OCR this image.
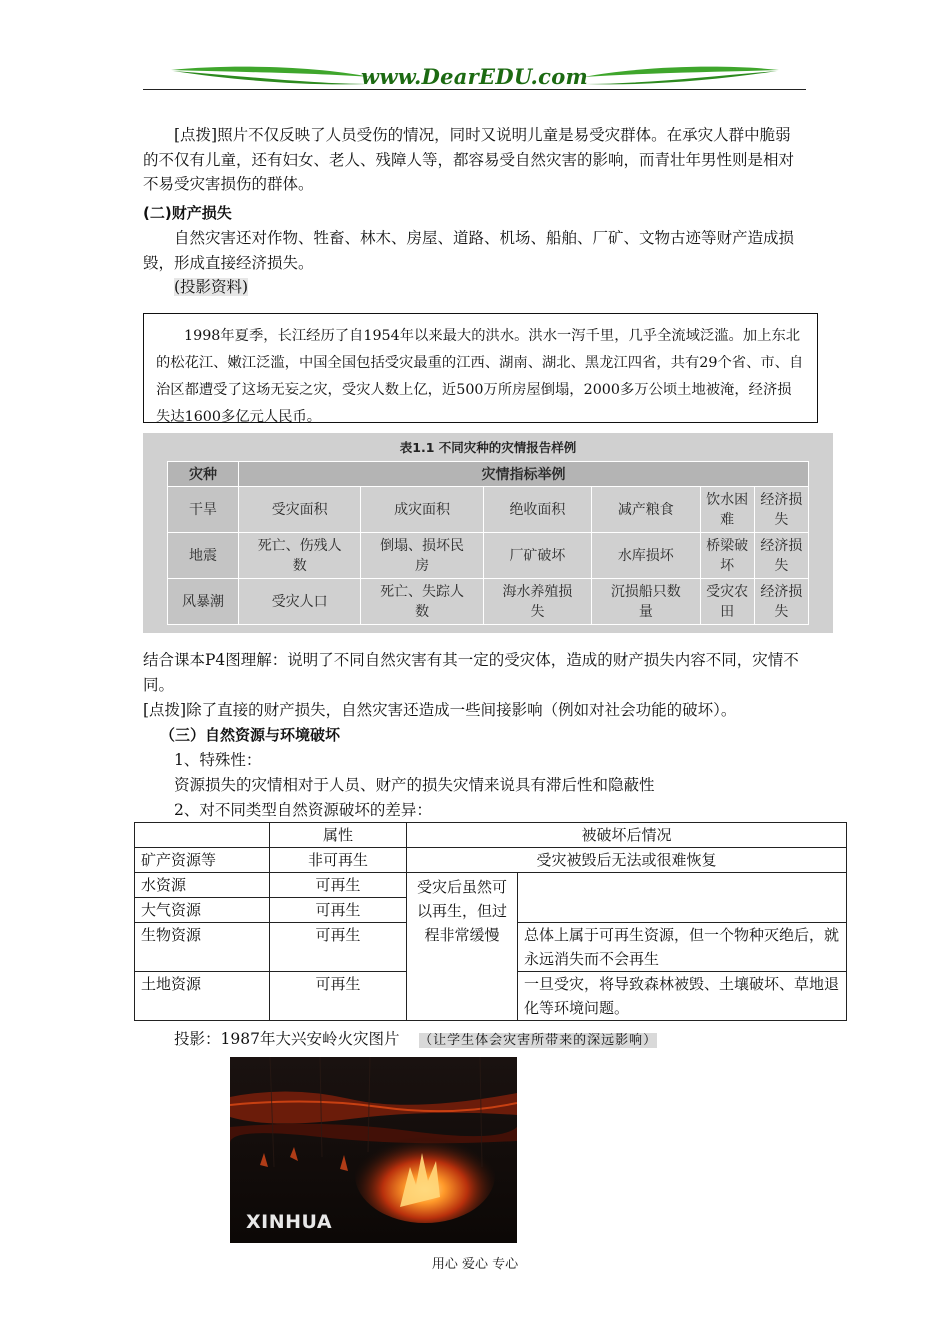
www.DearEDU.com

[点拨]照片不仅反映了人员受伤的情况，同时又说明儿童是易受灾群体。在承灾人群中脆弱的不仅有儿童，还有妇女、老人、残障人等，都容易受自然灾害的影响，而青壮年男性则是相对不易受灾害损伤的群体。

(二)财产损失

自然灾害还对作物、牲畜、林木、房屋、道路、机场、船舶、厂矿、文物古迹等财产造成损毁，形成直接经济损失。

(投影资料)

1998年夏季，长江经历了自1954年以来最大的洪水。洪水一泻千里，几乎全流域泛滥。加上东北的松花江、嫩江泛滥，中国全国包括受灾最重的江西、湖南、湖北、黑龙江四省，共有29个省、市、自治区都遭受了这场无妄之灾，受灾人数上亿，近500万所房屋倒塌，2000多万公顷土地被淹，经济损失达1600多亿元人民币。
表1.1 不同灾种的灾情报告样例
灾种	灾情指标举例					
干旱	受灾面积	成灾面积	绝收面积	减产粮食	饮水困难	经济损失
地震	死亡、伤残人数	倒塌、损坏民房	厂矿破坏	水库损坏	桥梁破坏	经济损失
风暴潮	受灾人口	死亡、失踪人数	海水养殖损失	沉损船只数量	受灾农田	经济损失

结合课本P4图理解：说明了不同自然灾害有其一定的受灾体，造成的财产损失内容不同，灾情不同。

[点拨]除了直接的财产损失，自然灾害还造成一些间接影响（例如对社会功能的破坏）。

（三）自然资源与环境破坏

1、特殊性：

资源损失的灾情相对于人员、财产的损失灾情来说具有滞后性和隐蔽性

2、对不同类型自然资源破坏的差异：

	属性	被破坏后情况	
矿产资源等	非可再生	受灾被毁后无法或很难恢复	
水资源	可再生	受灾后虽然可以再生，但过程非常缓慢	
大气资源	可再生		
生物资源	可再生		总体上属于可再生资源，但一个物种灭绝后，就永远消失而不会再生
土地资源	可再生		一旦受灾，将导致森林被毁、土壤破坏、草地退化等环境问题。

投影：1987年大兴安岭火灾图片 （让学生体会灾害所带来的深远影响）

XINHUA
用心 爱心 专心
